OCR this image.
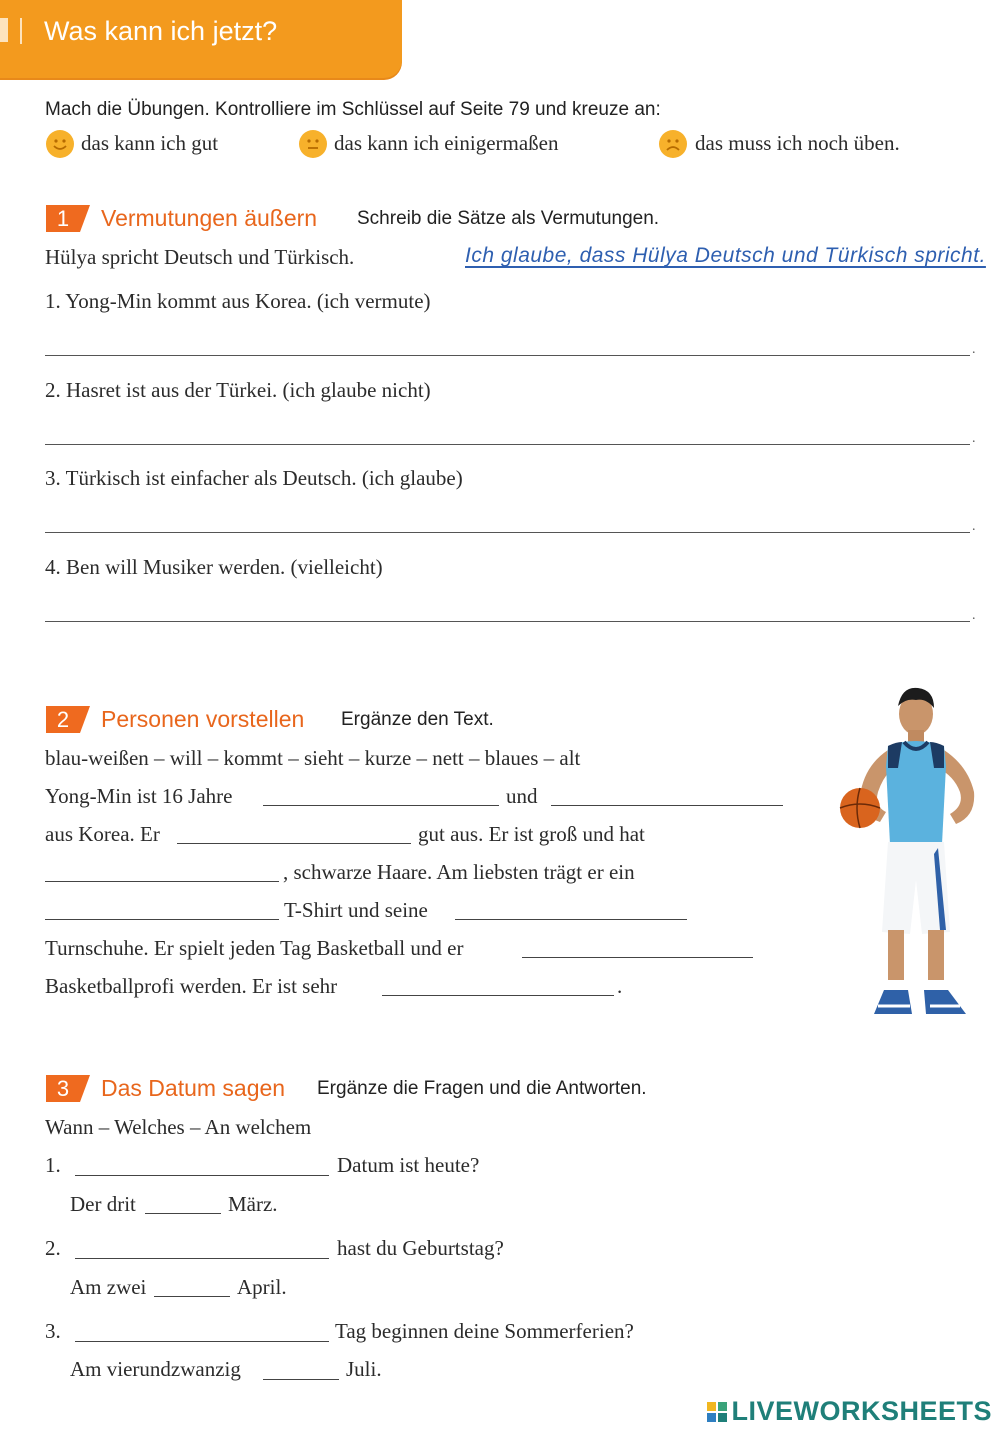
Was kann ich jetzt?
Mach die Übungen. Kontrolliere im Schlüssel auf Seite 79 und kreuze an:
das kann ich gut	das kann ich einigermaßen	das muss ich noch üben.
1	Vermutungen äußern Schreib die Sätze als Vermutungen.
Hülya spricht Deutsch und Türkisch.	Ich glaube, dass Hülya Deutsch und Türkisch spricht.
1. Yong-Min kommt aus Korea. (ich vermute)
.
2. Hasret ist aus der Türkei. (ich glaube nicht)
.
3. Türkisch ist einfacher als Deutsch. (ich glaube)
.
4. Ben will Musiker werden. (vielleicht)
.
2	Personen vorstellen Ergänze den Text.
blau-weißen – will – kommt – sieht – kurze – nett – blaues – alt
Yong-Min ist 16 Jahre	und
aus Korea. Er	gut aus. Er ist groß und hat
, schwarze Haare. Am liebsten trägt er ein
T-Shirt und seine
Turnschuhe. Er spielt jeden Tag Basketball und er
Basketballprofi werden. Er ist sehr	.
3	Das Datum sagen Ergänze die Fragen und die Antworten.
Wann – Welches – An welchem
1.	Datum ist heute?
Der drit	März.
2.	hast du Geburtstag?
Am zwei	April.
3.	Tag beginnen deine Sommerferien?
Am vierundzwanzig	Juli.
LIVEWORKSHEETS
